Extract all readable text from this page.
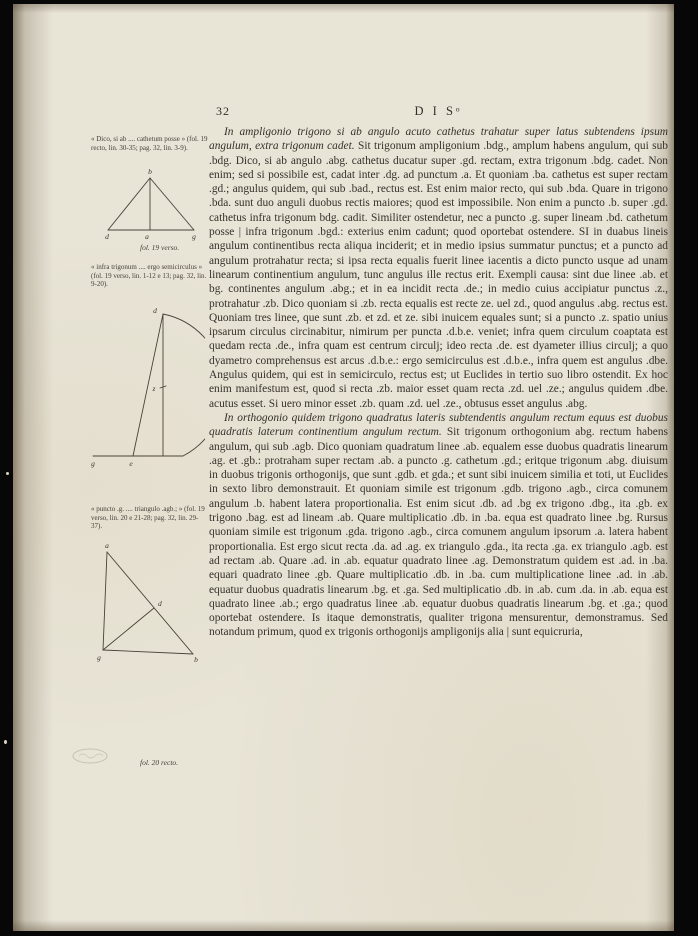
32	D I Sᵒ
« Dico, si ab .... cathetum posse » (fol. 19 recto, lin. 30-35; pag. 32, lin. 3-9).
« infra trigonum .... ergo semicirculus » (fol. 19 verso, lin. 1-12 e 13; pag. 32, lin. 9-20).
« puncto .g. .... triangulo .agb.; » (fol. 19 verso, lin. 20 e 21-28; pag. 32, lin. 29-37).
b
d	a	g
fol. 19 verso.
d
z
g	e
a
g	b
d
fol. 20 recto.

In ampligonio trigono si ab angulo acuto cathetus trahatur super latus subtendens ipsum angulum, extra trigonum cadet. Sit trigonum ampligonium .bdg., amplum habens angulum, qui sub .bdg. Dico, si ab angulo .abg. cathetus ducatur super .gd. rectam, extra trigonum .bdg. cadet. Non enim; sed si possibile est, cadat inter .dg. ad punctum .a. Et quoniam .ba. cathetus est super rectam .gd.; angulus quidem, qui sub .bad., rectus est. Est enim maior recto, qui sub .bda. Quare in trigono .bda. sunt duo anguli duobus rectis maiores; quod est impossibile. Non enim a puncto .b. super .gd. cathetus infra trigonum bdg. cadit. Similiter ostendetur, nec a puncto .g. super lineam .bd. cathetum posse | infra trigonum .bgd.: exterius enim cadunt; quod oportebat ostendere. SI in duabus lineis angulum continentibus recta aliqua inciderit; et in medio ipsius summatur punctus; et a puncto ad angulum protrahatur recta; si ipsa recta equalis fuerit linee iacentis a dicto puncto usque ad unam linearum continentium angulum, tunc angulus ille rectus erit. Exempli causa: sint due linee .ab. et bg. continentes angulum .abg.; et in ea incidit recta .de.; in medio cuius accipiatur punctus .z., protrahatur .zb. Dico quoniam si .zb. recta equalis est recte ze. uel zd., quod angulus .abg. rectus est. Quoniam tres linee, que sunt .zb. et zd. et ze. sibi inuicem equales sunt; si a puncto .z. spatio unius ipsarum circulus circinabitur, nimirum per puncta .d.b.e. veniet; infra quem circulum coaptata est quedam recta .de., infra quam est centrum circulj; ideo recta .de. est dyameter illius circulj; a quo dyametro comprehensus est arcus .d.b.e.: ergo semicirculus est .d.b.e., infra quem est angulus .dbe. Angulus quidem, qui est in semicirculo, rectus est; ut Euclides in tertio suo libro ostendit. Ex hoc enim manifestum est, quod si recta .zb. maior esset quam recta .zd. uel .ze.; angulus quidem .dbe. acutus esset. Si uero minor esset .zb. quam .zd. uel .ze., obtusus esset angulus .abg.

In orthogonio quidem trigono quadratus lateris subtendentis angulum rectum equus est duobus quadratis laterum continentium angulum rectum. Sit trigonum orthogonium abg. rectum habens angulum, qui sub .agb. Dico quoniam quadratum linee .ab. equalem esse duobus quadratis linearum .ag. et .gb.: protraham super rectam .ab. a puncto .g. cathetum .gd.; eritque trigonum .abg. diuisum in duobus trigonis orthogonijs, que sunt .gdb. et gda.; et sunt sibi inuicem similia et toti, ut Euclides in sexto libro demonstrauit. Et quoniam simile est trigonum .gdb. trigono .agb., circa comunem angulum .b. habent latera proportionalia. Est enim sicut .db. ad .bg ex trigono .dbg., ita .gb. ex trigono .bag. est ad lineam .ab. Quare multiplicatio .db. in .ba. equa est quadrato linee .bg. Rursus quoniam simile est trigonum .gda. trigono .agb., circa comunem angulum ipsorum .a. latera habent proportionalia. Est ergo sicut recta .da. ad .ag. ex triangulo .gda., ita recta .ga. ex triangulo .agb. est ad rectam .ab. Quare .ad. in .ab. equatur quadrato linee .ag. Demonstratum quidem est .ad. in .ba. equari quadrato linee .gb. Quare multiplicatio .db. in .ba. cum multiplicatione linee .ad. in .ab. equatur duobus quadratis linearum .bg. et .ga. Sed multiplicatio .db. in .ab. cum .da. in .ab. equa est quadrato linee .ab.; ergo quadratus linee .ab. equatur duobus quadratis linearum .bg. et .ga.; quod oportebat ostendere. Is itaque demonstratis, qualiter trigona mensurentur, demonstramus. Sed notandum primum, quod ex trigonis orthogonijs ampligonijs alia | sunt equicruria,
